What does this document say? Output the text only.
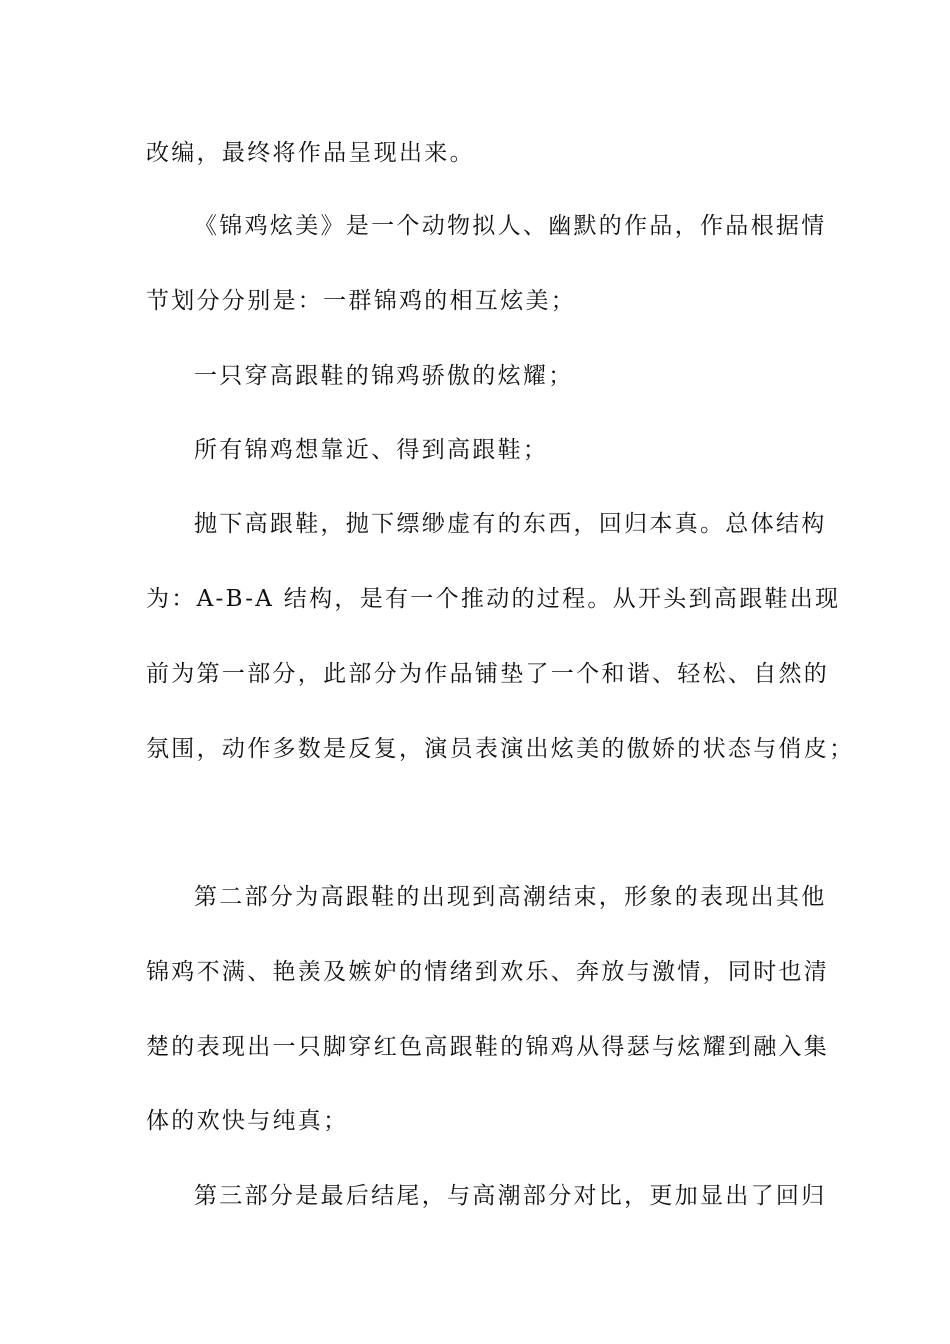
改编，最终将作品呈现出来。
《锦鸡炫美》是一个动物拟人、幽默的作品，作品根据情
节划分分别是：一群锦鸡的相互炫美；
一只穿高跟鞋的锦鸡骄傲的炫耀；
所有锦鸡想靠近、得到高跟鞋；
抛下高跟鞋，抛下缥缈虚有的东西，回归本真。总体结构
为：A-B-A 结构，是有一个推动的过程。从开头到高跟鞋出现
前为第一部分，此部分为作品铺垫了一个和谐、轻松、自然的
氛围，动作多数是反复，演员表演出炫美的傲娇的状态与俏皮；
第二部分为高跟鞋的出现到高潮结束，形象的表现出其他
锦鸡不满、艳羡及嫉妒的情绪到欢乐、奔放与激情，同时也清
楚的表现出一只脚穿红色高跟鞋的锦鸡从得瑟与炫耀到融入集
体的欢快与纯真；
第三部分是最后结尾，与高潮部分对比，更加显出了回归
